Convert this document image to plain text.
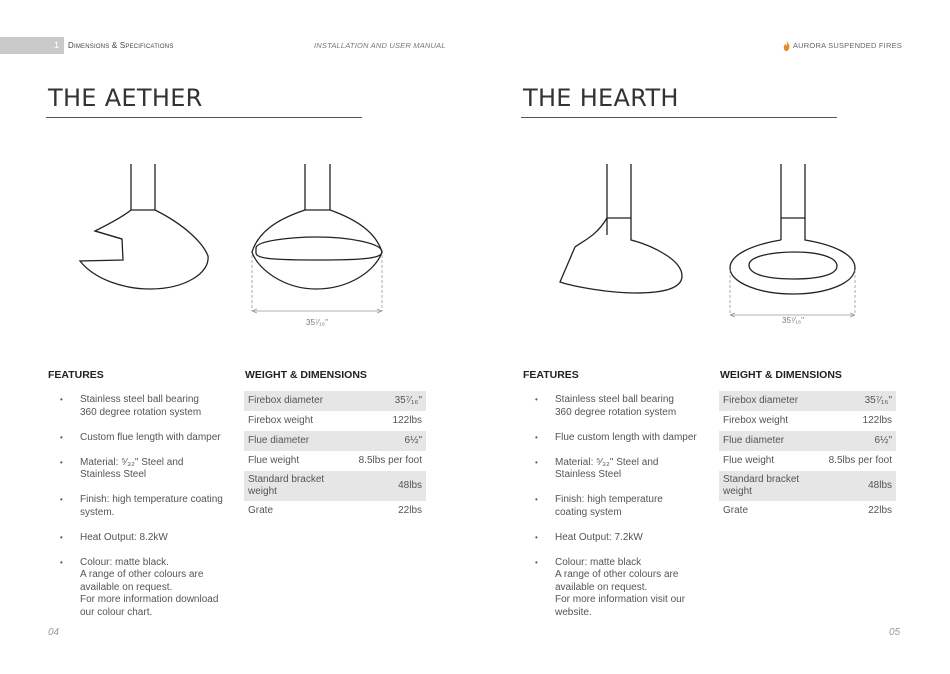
1 Dimensions & Specifications	INSTALLATION AND USER MANUAL	AURORA SUSPENDED FIRES
THE AETHER
35⁷⁄₁₆"
FEATURES
• Stainless steel ball bearing
360 degree rotation system
• Custom flue length with damper
• Material: ⁵⁄₃₂" Steel and
Stainless Steel
• Finish: high temperature coating
system.
• Heat Output: 8.2kW
• Colour: matte black.
A range of other colours are
available on request.
For more information download
our colour chart.
WEIGHT & DIMENSIONS
Firebox diameter	35⁷⁄₁₆"
Firebox weight	122lbs
Flue diameter	6½"
Flue weight	8.5lbs per foot
Standard bracket weight	48lbs
Grate	22lbs
04
THE HEARTH
35⁷⁄₁₆"
FEATURES
• Stainless steel ball bearing
360 degree rotation system
• Flue custom length with damper
• Material: ⁵⁄₃₂" Steel and
Stainless Steel
• Finish: high temperature
coating system
• Heat Output: 7.2kW
• Colour: matte black
A range of other colours are
available on request.
For more information visit our
website.
WEIGHT & DIMENSIONS
Firebox diameter	35⁷⁄₁₆"
Firebox weight	122lbs
Flue diameter	6½"
Flue weight	8.5lbs per foot
Standard bracket weight	48lbs
Grate	22lbs
05
